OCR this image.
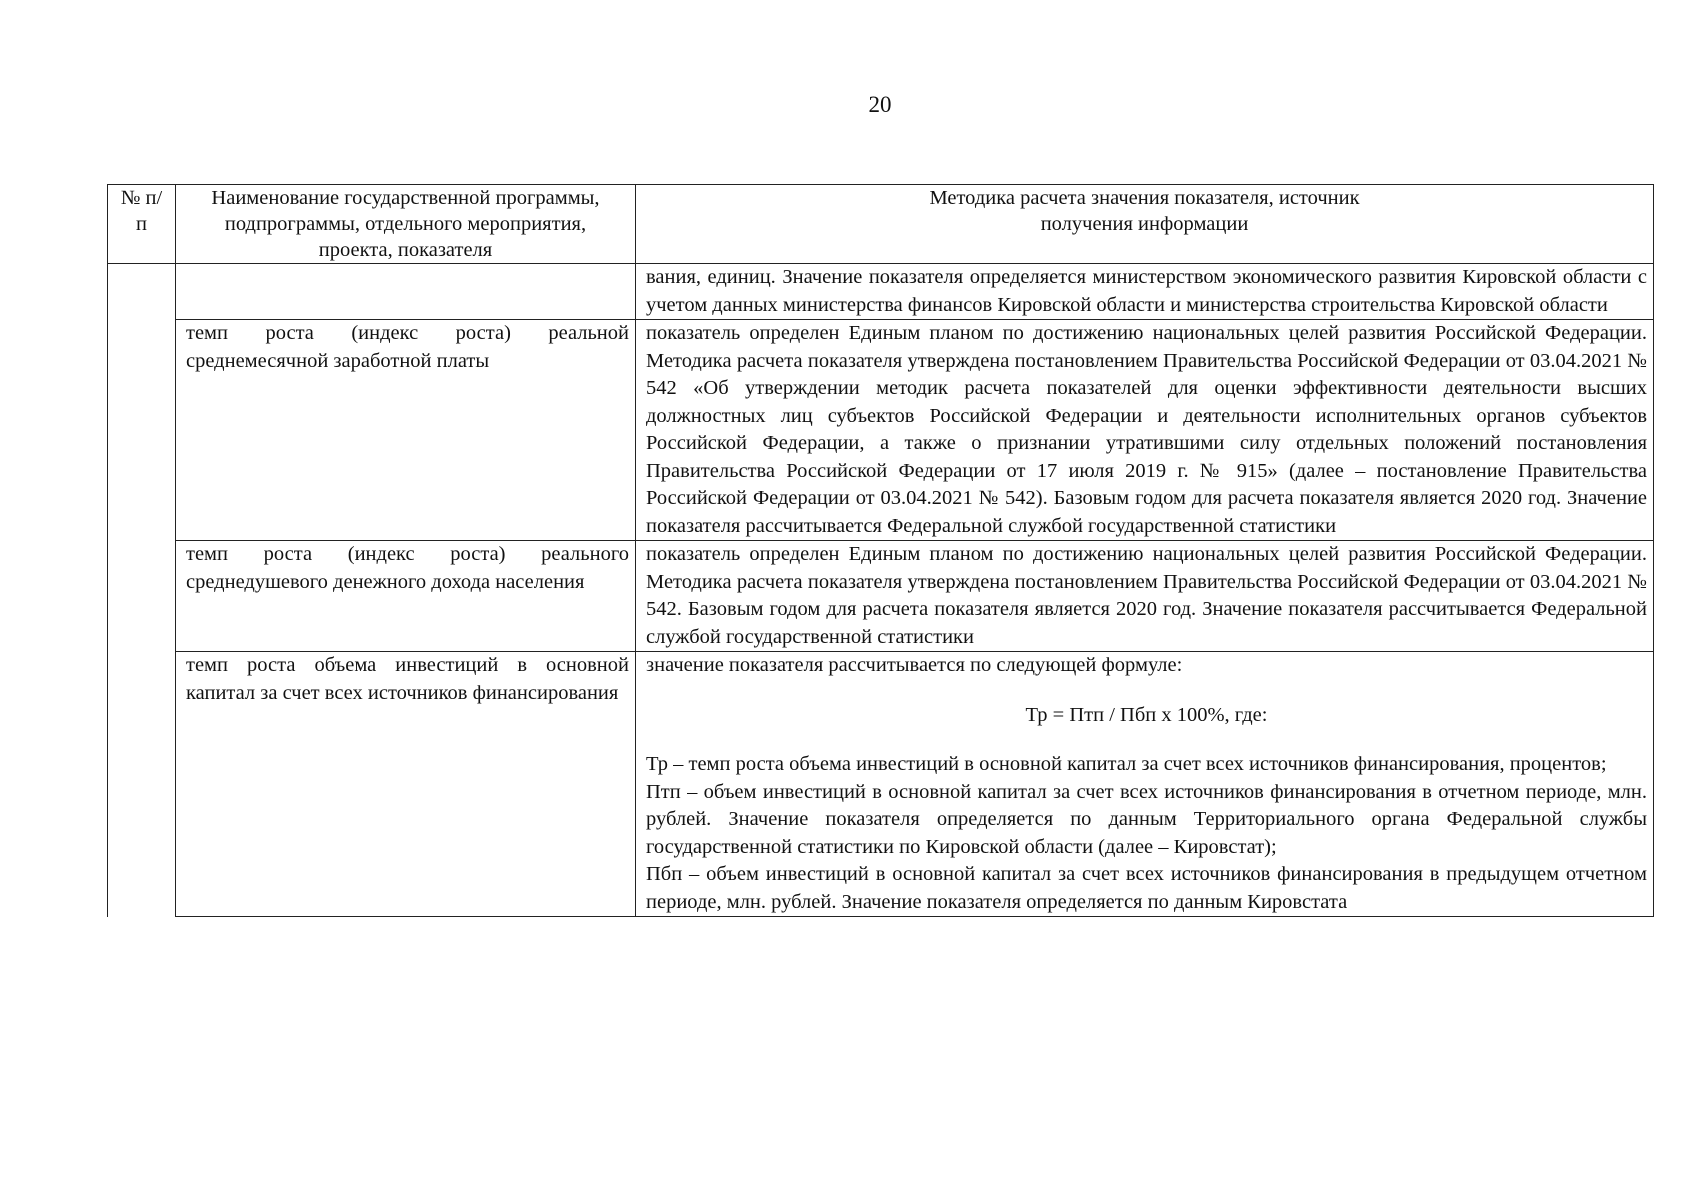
20
№ п/п	Наименование государственной программы, подпрограммы, отдельного мероприятия, проекта, показателя	Методика расчета значения показателя, источник получения информации
		вания, единиц. Значение показателя определяется министерством экономического развития Кировской области с учетом данных министерства финансов Кировской области и министерства строительства Кировской области
	темп роста (индекс роста) реальной среднемесячной заработной платы	показатель определен Единым планом по достижению национальных целей развития Российской Федерации. Методика расчета показателя утверждена постановлением Правительства Российской Федерации от 03.04.2021 № 542 «Об утверждении методик расчета показателей для оценки эффективности деятельности высших должностных лиц субъектов Российской Федерации и деятельности исполнительных органов субъектов Российской Федерации, а также о признании утратившими силу отдельных положений постановления Правительства Российской Федерации от 17 июля 2019 г. № 915» (далее – постановление Правительства Российской Федерации от 03.04.2021 № 542). Базовым годом для расчета показателя является 2020 год. Значение показателя рассчитывается Федеральной службой государственной статистики
	темп роста (индекс роста) реального среднедушевого денежного дохода населения	показатель определен Единым планом по достижению национальных целей развития Российской Федерации. Методика расчета показателя утверждена постановлением Правительства Российской Федерации от 03.04.2021 № 542. Базовым годом для расчета показателя является 2020 год. Значение показателя рассчитывается Федеральной службой государственной статистики
	темп роста объема инвестиций в основной капитал за счет всех источников финансирования	значение показателя рассчитывается по следующей формуле:
Тр = Птп / Пбп х 100%, где:
Тр – темп роста объема инвестиций в основной капитал за счет всех источников финансирования, процентов;
Птп – объем инвестиций в основной капитал за счет всех источников финансирования в отчетном периоде, млн. рублей. Значение показателя определяется по данным Территориального органа Федеральной службы государственной статистики по Кировской области (далее – Кировстат);
Пбп – объем инвестиций в основной капитал за счет всех источников финансирования в предыдущем отчетном периоде, млн. рублей. Значение показателя определяется по данным Кировстата
